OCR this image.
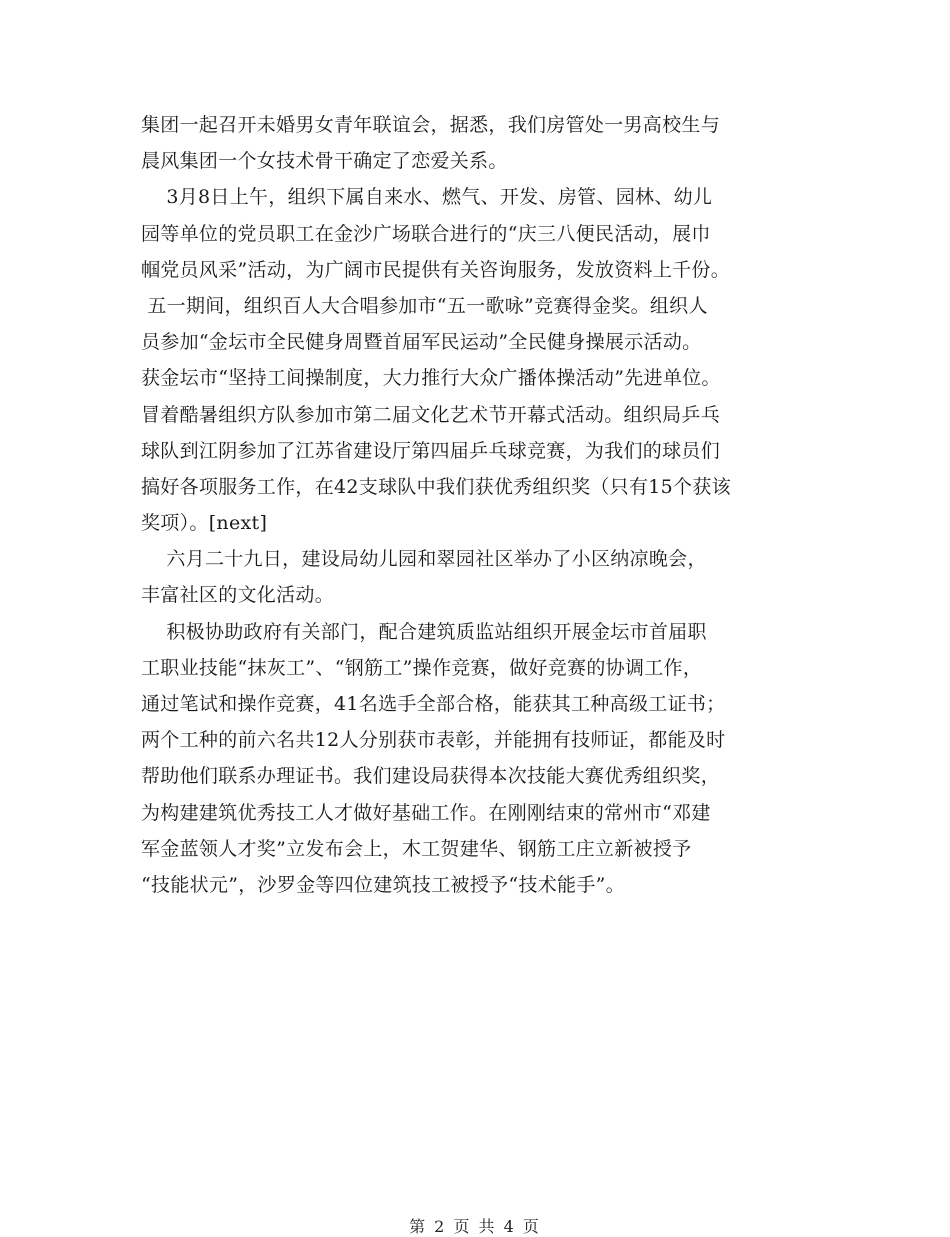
集团一起召开未婚男女青年联谊会，据悉，我们房管处一男高校生与
晨风集团一个女技术骨干确定了恋爱关系。
3月8日上午，组织下属自来水、燃气、开发、房管、园林、幼儿
园等单位的党员职工在金沙广场联合进行的“庆三八便民活动，展巾
帼党员风采”活动，为广阔市民提供有关咨询服务，发放资料上千份。
五一期间，组织百人大合唱参加市“五一歌咏”竞赛得金奖。组织人
员参加“金坛市全民健身周暨首届军民运动”全民健身操展示活动。
获金坛市“坚持工间操制度，大力推行大众广播体操活动”先进单位。
冒着酷暑组织方队参加市第二届文化艺术节开幕式活动。组织局乒乓
球队到江阴参加了江苏省建设厅第四届乒乓球竞赛，为我们的球员们
搞好各项服务工作，在42支球队中我们获优秀组织奖（只有15个获该
奖项）。[next]
六月二十九日，建设局幼儿园和翠园社区举办了小区纳凉晚会，
丰富社区的文化活动。
积极协助政府有关部门，配合建筑质监站组织开展金坛市首届职
工职业技能“抹灰工”、“钢筋工”操作竞赛，做好竞赛的协调工作，
通过笔试和操作竞赛，41名选手全部合格，能获其工种高级工证书；
两个工种的前六名共12人分别获市表彰，并能拥有技师证，都能及时
帮助他们联系办理证书。我们建设局获得本次技能大赛优秀组织奖，
为构建建筑优秀技工人才做好基础工作。在刚刚结束的常州市“邓建
军金蓝领人才奖”立发布会上，木工贺建华、钢筋工庄立新被授予
“技能状元”，沙罗金等四位建筑技工被授予“技术能手”。
第 2 页 共 4 页
